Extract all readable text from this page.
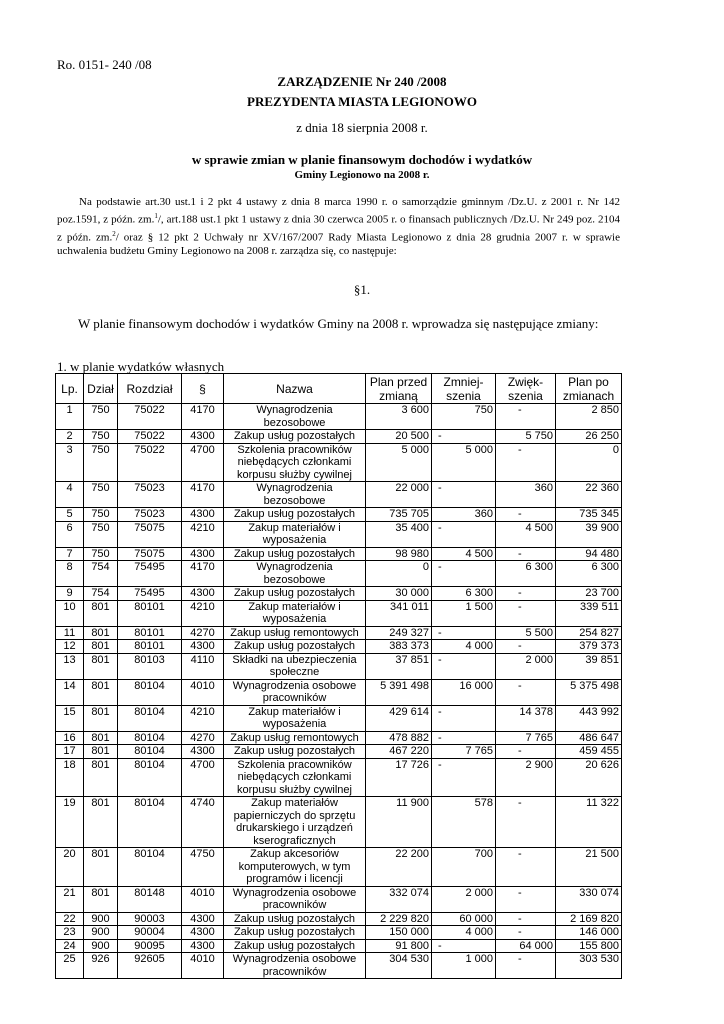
Ro. 0151- 240 /08
ZARZĄDZENIE Nr 240 /2008
PREZYDENTA MIASTA LEGIONOWO
z dnia 18 sierpnia 2008 r.
w sprawie zmian w planie finansowym dochodów i wydatków
Gminy Legionowo na 2008 r.
Na podstawie art.30 ust.1 i 2 pkt 4 ustawy z dnia 8 marca 1990 r. o samorządzie gminnym /Dz.U. z 2001 r. Nr 142 poz.1591, z późn. zm.$^1$/, art.188 ust.1 pkt 1 ustawy z dnia 30 czerwca 2005 r. o finansach publicznych /Dz.U. Nr 249 poz. 2104 z późn. zm.$^2$/ oraz § 12 pkt 2 Uchwały nr XV/167/2007 Rady Miasta Legionowo z dnia 28 grudnia 2007 r. w sprawie uchwalenia budżetu Gminy Legionowo na 2008 r. zarządza się, co następuje:
§1.
W planie finansowym dochodów i wydatków Gminy na 2008 r. wprowadza się następujące zmiany:
1. w planie wydatków własnych
Lp.	Dział	Rozdział	§	Nazwa	Plan przed zmianą	Zmniej-szenia	Zwięk-szenia	Plan po zmianach
1	750	75022	4170	Wynagrodzenia bezosobowe	3 600	750	-	2 850
2	750	75022	4300	Zakup usług pozostałych	20 500	-	5 750	26 250
3	750	75022	4700	Szkolenia pracowników niebędących członkami korpusu służby cywilnej	5 000	5 000	-	0
4	750	75023	4170	Wynagrodzenia bezosobowe	22 000	-	360	22 360
5	750	75023	4300	Zakup usług pozostałych	735 705	360	-	735 345
6	750	75075	4210	Zakup materiałów i wyposażenia	35 400	-	4 500	39 900
7	750	75075	4300	Zakup usług pozostałych	98 980	4 500	-	94 480
8	754	75495	4170	Wynagrodzenia bezosobowe	0	-	6 300	6 300
9	754	75495	4300	Zakup usług pozostałych	30 000	6 300	-	23 700
10	801	80101	4210	Zakup materiałów i wyposażenia	341 011	1 500	-	339 511
11	801	80101	4270	Zakup usług remontowych	249 327	-	5 500	254 827
12	801	80101	4300	Zakup usług pozostałych	383 373	4 000	-	379 373
13	801	80103	4110	Składki na ubezpieczenia społeczne	37 851	-	2 000	39 851
14	801	80104	4010	Wynagrodzenia osobowe pracowników	5 391 498	16 000	-	5 375 498
15	801	80104	4210	Zakup materiałów i wyposażenia	429 614	-	14 378	443 992
16	801	80104	4270	Zakup usług remontowych	478 882	-	7 765	486 647
17	801	80104	4300	Zakup usług pozostałych	467 220	7 765	-	459 455
18	801	80104	4700	Szkolenia pracowników niebędących członkami korpusu służby cywilnej	17 726	-	2 900	20 626
19	801	80104	4740	Zakup materiałów papierniczych do sprzętu drukarskiego i urządzeń kserograficznych	11 900	578	-	11 322
20	801	80104	4750	Zakup akcesoriów komputerowych, w tym programów i licencji	22 200	700	-	21 500
21	801	80148	4010	Wynagrodzenia osobowe pracowników	332 074	2 000	-	330 074
22	900	90003	4300	Zakup usług pozostałych	2 229 820	60 000	-	2 169 820
23	900	90004	4300	Zakup usług pozostałych	150 000	4 000	-	146 000
24	900	90095	4300	Zakup usług pozostałych	91 800	-	64 000	155 800
25	926	92605	4010	Wynagrodzenia osobowe pracowników	304 530	1 000	-	303 530
